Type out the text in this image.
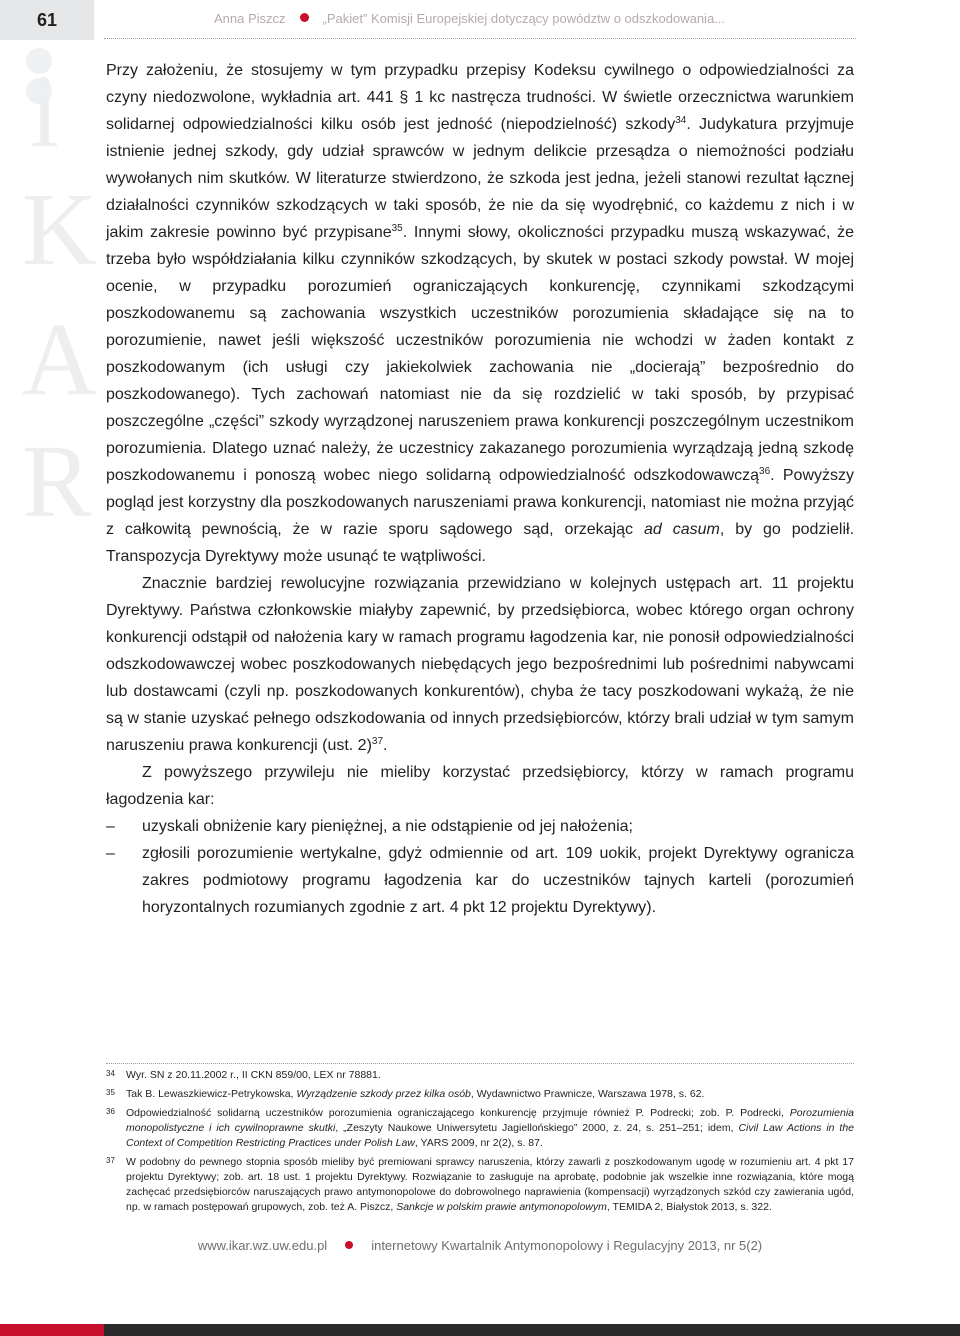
61	Anna Piszcz	„Pakiet” Komisji Europejskiej dotyczący powództw o odszkodowania...
i
K
A
R

Przy założeniu, że stosujemy w tym przypadku przepisy Kodeksu cywilnego o odpowiedzialności za czyny niedozwolone, wykładnia art. 441 § 1 kc nastręcza trudności. W świetle orzecznictwa warunkiem solidarnej odpowiedzialności kilku osób jest jedność (niepodzielność) szkody$^{34}$. Judykatura przyjmuje istnienie jednej szkody, gdy udział sprawców w jednym delikcie przesądza o niemożności podziału wywołanych nim skutków. W literaturze stwierdzono, że szkoda jest jedna, jeżeli stanowi rezultat łącznej działalności czynników szkodzących w taki sposób, że nie da się wyodrębnić, co każdemu z nich i w jakim zakresie powinno być przypisane$^{35}$. Innymi słowy, okoliczności przypadku muszą wskazywać, że trzeba było współdziałania kilku czynników szkodzących, by skutek w postaci szkody powstał. W mojej ocenie, w przypadku porozumień ograniczających konkurencję, czynnikami szkodzącymi poszkodowanemu są zachowania wszystkich uczestników porozumienia składające się na to porozumienie, nawet jeśli większość uczestników porozumienia nie wchodzi w żaden kontakt z poszkodowanym (ich usługi czy jakiekolwiek zachowania nie „docierają” bezpośrednio do poszkodowanego). Tych zachowań natomiast nie da się rozdzielić w taki sposób, by przypisać poszczególne „części” szkody wyrządzonej naruszeniem prawa konkurencji poszczególnym uczestnikom porozumienia. Dlatego uznać należy, że uczestnicy zakazanego porozumienia wyrządzają jedną szkodę poszkodowanemu i ponoszą wobec niego solidarną odpowiedzialność odszkodowawczą$^{36}$. Powyższy pogląd jest korzystny dla poszkodowanych naruszeniami prawa konkurencji, natomiast nie można przyjąć z całkowitą pewnością, że w razie sporu sądowego sąd, orzekając ad casum, by go podzielił. Transpozycja Dyrektywy może usunąć te wątpliwości.

Znacznie bardziej rewolucyjne rozwiązania przewidziano w kolejnych ustępach art. 11 projektu Dyrektywy. Państwa członkowskie miałyby zapewnić, by przedsiębiorca, wobec którego organ ochrony konkurencji odstąpił od nałożenia kary w ramach programu łagodzenia kar, nie ponosił odpowiedzialności odszkodowawczej wobec poszkodowanych niebędących jego bezpośrednimi lub pośrednimi nabywcami lub dostawcami (czyli np. poszkodowanych konkurentów), chyba że tacy poszkodowani wykażą, że nie są w stanie uzyskać pełnego odszkodowania od innych przedsiębiorców, którzy brali udział w tym samym naruszeniu prawa konkurencji (ust. 2)$^{37}$.

Z powyższego przywileju nie mieliby korzystać przedsiębiorcy, którzy w ramach programu łagodzenia kar:

– uzyskali obniżenie kary pieniężnej, a nie odstąpienie od jej nałożenia;

– zgłosili porozumienie wertykalne, gdyż odmiennie od art. 109 uokik, projekt Dyrektywy ogranicza zakres podmiotowy programu łagodzenia kar do uczestników tajnych karteli (porozumień horyzontalnych rozumianych zgodnie z art. 4 pkt 12 projektu Dyrektywy).

34	Wyr. SN z 20.11.2002 r., II CKN 859/00, LEX nr 78881.
35	Tak B. Lewaszkiewicz-Petrykowska, Wyrządzenie szkody przez kilka osób, Wydawnictwo Prawnicze, Warszawa 1978, s. 62.
36	Odpowiedzialność solidarną uczestników porozumienia ograniczającego konkurencję przyjmuje również P. Podrecki; zob. P. Podrecki, Porozumienia monopolistyczne i ich cywilnoprawne skutki, „Zeszyty Naukowe Uniwersytetu Jagiellońskiego” 2000, z. 24, s. 251–251; idem, Civil Law Actions in the Context of Competition Restricting Practices under Polish Law, YARS 2009, nr 2(2), s. 87.
37	W podobny do pewnego stopnia sposób mieliby być premiowani sprawcy naruszenia, którzy zawarli z poszkodowanym ugodę w rozumieniu art. 4 pkt 17 projektu Dyrektywy; zob. art. 18 ust. 1 projektu Dyrektywy. Rozwiązanie to zasługuje na aprobatę, podobnie jak wszelkie inne rozwiązania, które mogą zachęcać przedsiębiorców naruszających prawo antymonopolowe do dobrowolnego naprawienia (kompensacji) wyrządzonych szkód czy zawierania ugód, np. w ramach postępowań grupowych, zob. też A. Piszcz, Sankcje w polskim prawie antymonopolowym, TEMIDA 2, Białystok 2013, s. 322.
www.ikar.wz.uw.edu.pl	internetowy Kwartalnik Antymonopolowy i Regulacyjny 2013, nr 5(2)
